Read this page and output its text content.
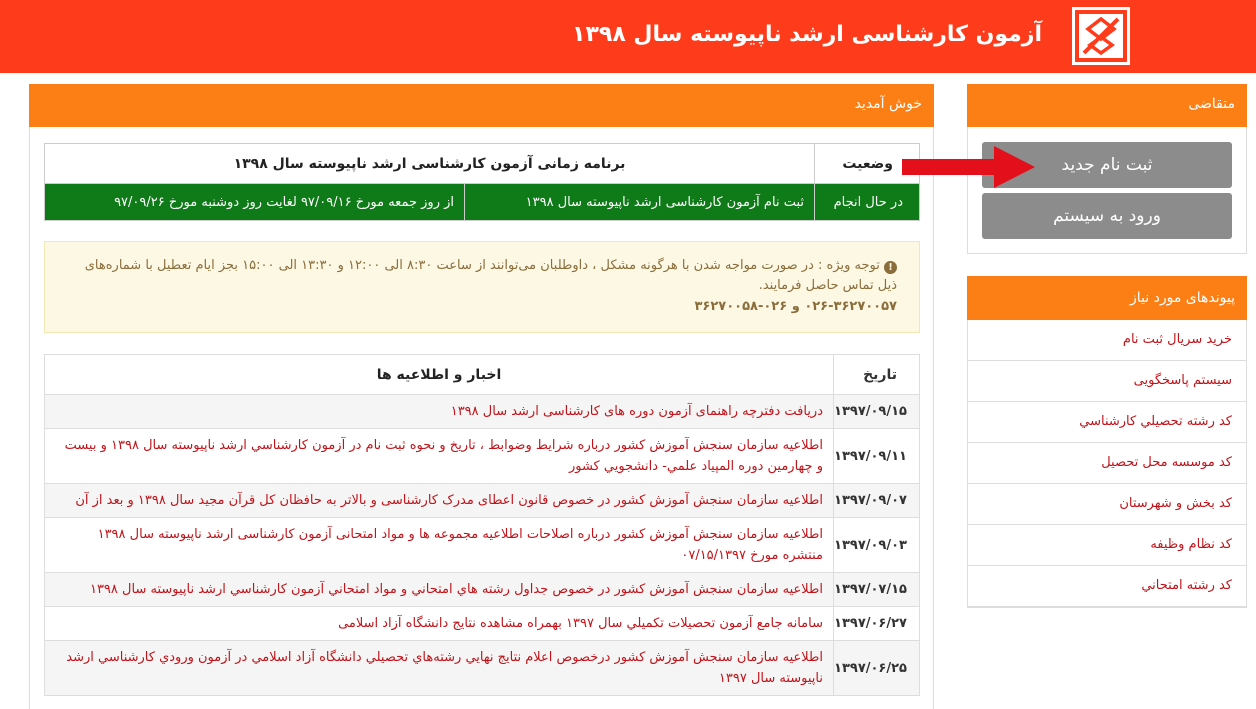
آزمون کارشناسی ارشد ناپیوسته سال ۱۳۹۸
خوش آمدید
وضعیت	برنامه زمانی آزمون کارشناسی ارشد ناپیوسته سال ۱۳۹۸	
در حال انجام	ثبت نام آزمون کارشناسی ارشد ناپیوسته سال ۱۳۹۸	از روز جمعه مورخ ۹۷/۰۹/۱۶ لغایت روز دوشنبه مورخ ۹۷/۰۹/۲۶
! توجه ویژه : در صورت مواجه شدن با هرگونه مشکل ، داوطلبان می‌توانند از ساعت ۸:۳۰ الی ۱۲:۰۰ و ۱۳:۳۰ الی ۱۵:۰۰ بجز ایام تعطیل با شماره‌های ذیل تماس حاصل فرمایند.
۰۲۶-۳۶۲۷۰۰۵۷ و ۰۲۶-۳۶۲۷۰۰۵۸
تاریخ	اخبار و اطلاعیه ها
۱۳۹۷/۰۹/۱۵	دریافت دفترچه راهنمای آزمون دوره های کارشناسی ارشد سال ۱۳۹۸
۱۳۹۷/۰۹/۱۱	اطلاعیه سازمان سنجش آموزش کشور درباره شرایط وضوابط ، تاریخ و نحوه ثبت نام در آزمون کارشناسي ارشد ناپیوسته سال ۱۳۹۸ و بیست و چهارمین دوره المپیاد علمي- دانشجويي کشور
۱۳۹۷/۰۹/۰۷	اطلاعیه سازمان سنجش آموزش کشور در خصوص قانون اعطای مدرک کارشناسی و بالاتر به حافظان کل قرآن مجید سال ۱۳۹۸ و بعد از آن
۱۳۹۷/۰۹/۰۳	اطلاعیه سازمان سنجش آموزش کشور درباره اصلاحات اطلاعیه مجموعه ها و مواد امتحانی آزمون کارشناسی ارشد ناپیوسته سال ۱۳۹۸ منتشره مورخ ۰۷/۱۵/۱۳۹۷
۱۳۹۷/۰۷/۱۵	اطلاعیه سازمان سنجش آموزش کشور در خصوص جداول رشته هاي امتحاني و مواد امتحاني آزمون کارشناسي ارشد ناپیوسته سال ۱۳۹۸
۱۳۹۷/۰۶/۲۷	سامانه جامع آزمون تحصیلات تکمیلي سال ۱۳۹۷ بهمراه مشاهده نتایج دانشگاه آزاد اسلامی
۱۳۹۷/۰۶/۲۵	اطلاعیه سازمان سنجش آموزش کشور درخصوص اعلام نتايج نهايي رشته‌هاي تحصيلي دانشگاه آزاد اسلامي در آزمون ورودي كارشناسي ارشد ناپيوسته سال ۱۳۹۷
متقاضی
ثبت نام جدید
ورود به سیستم
پیوندهای مورد نیاز
خرید سریال ثبت نام
سیستم پاسخگویی
کد رشته تحصيلي کارشناسي
کد موسسه محل تحصیل
کد بخش و شهرستان
کد نظام وظیفه
کد رشته امتحاني
